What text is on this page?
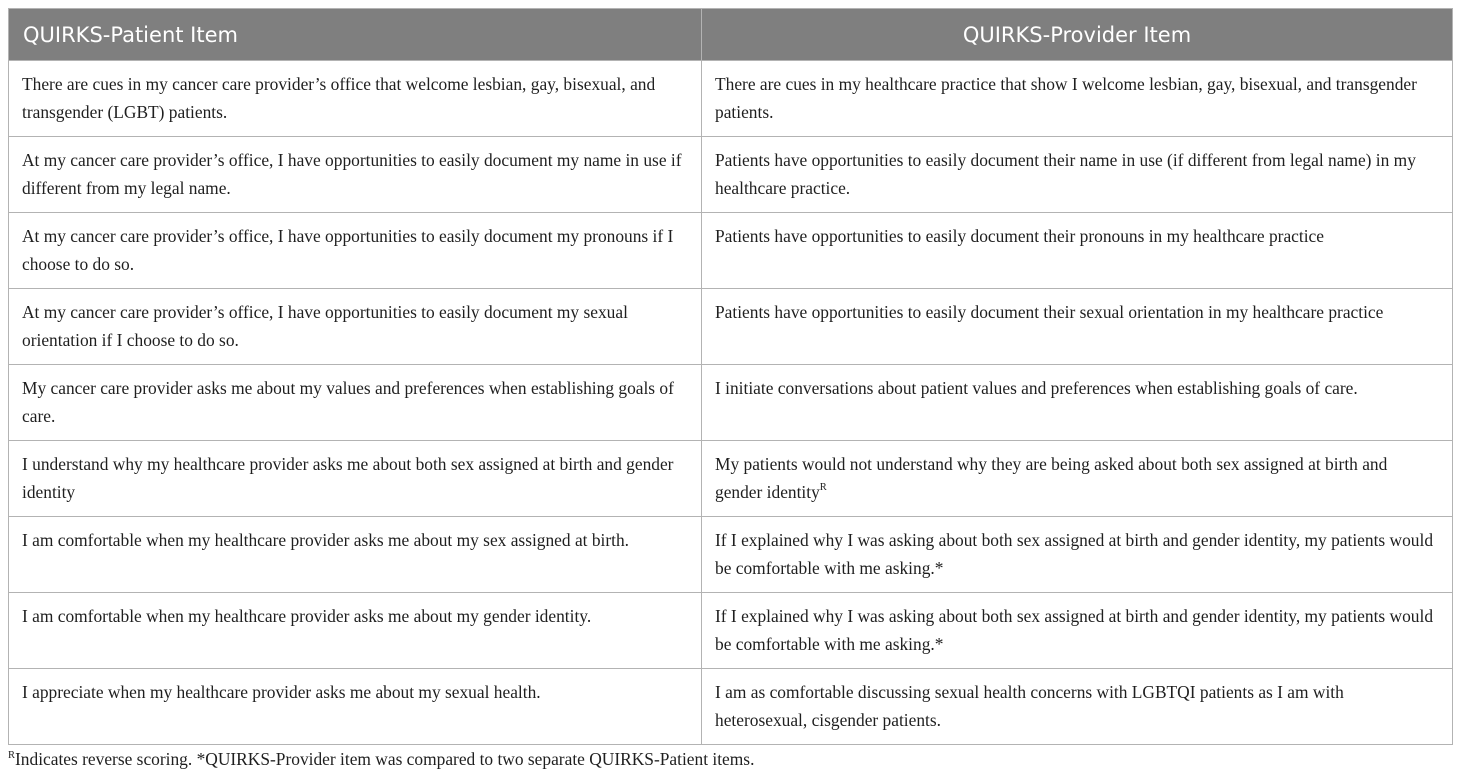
QUIRKS-Patient Item	QUIRKS-Provider Item
There are cues in my cancer care provider’s office that welcome lesbian, gay, bisexual, and transgender (LGBT) patients.	There are cues in my healthcare practice that show I welcome lesbian, gay, bisexual, and transgender patients.
At my cancer care provider’s office, I have opportunities to easily document my name in use if different from my legal name.	Patients have opportunities to easily document their name in use (if different from legal name) in my healthcare practice.
At my cancer care provider’s office, I have opportunities to easily document my pronouns if I choose to do so.	Patients have opportunities to easily document their pronouns in my healthcare practice
At my cancer care provider’s office, I have opportunities to easily document my sexual orientation if I choose to do so.	Patients have opportunities to easily document their sexual orientation in my healthcare practice
My cancer care provider asks me about my values and preferences when establishing goals of care.	I initiate conversations about patient values and preferences when establishing goals of care.
I understand why my healthcare provider asks me about both sex assigned at birth and gender identity	My patients would not understand why they are being asked about both sex assigned at birth and gender identity$^R$
I am comfortable when my healthcare provider asks me about my sex assigned at birth.	If I explained why I was asking about both sex assigned at birth and gender identity, my patients would be comfortable with me asking.*
I am comfortable when my healthcare provider asks me about my gender identity.	If I explained why I was asking about both sex assigned at birth and gender identity, my patients would be comfortable with me asking.*
I appreciate when my healthcare provider asks me about my sexual health.	I am as comfortable discussing sexual health concerns with LGBTQI patients as I am with heterosexual, cisgender patients.
$^R$Indicates reverse scoring. *QUIRKS-Provider item was compared to two separate QUIRKS-Patient items.
